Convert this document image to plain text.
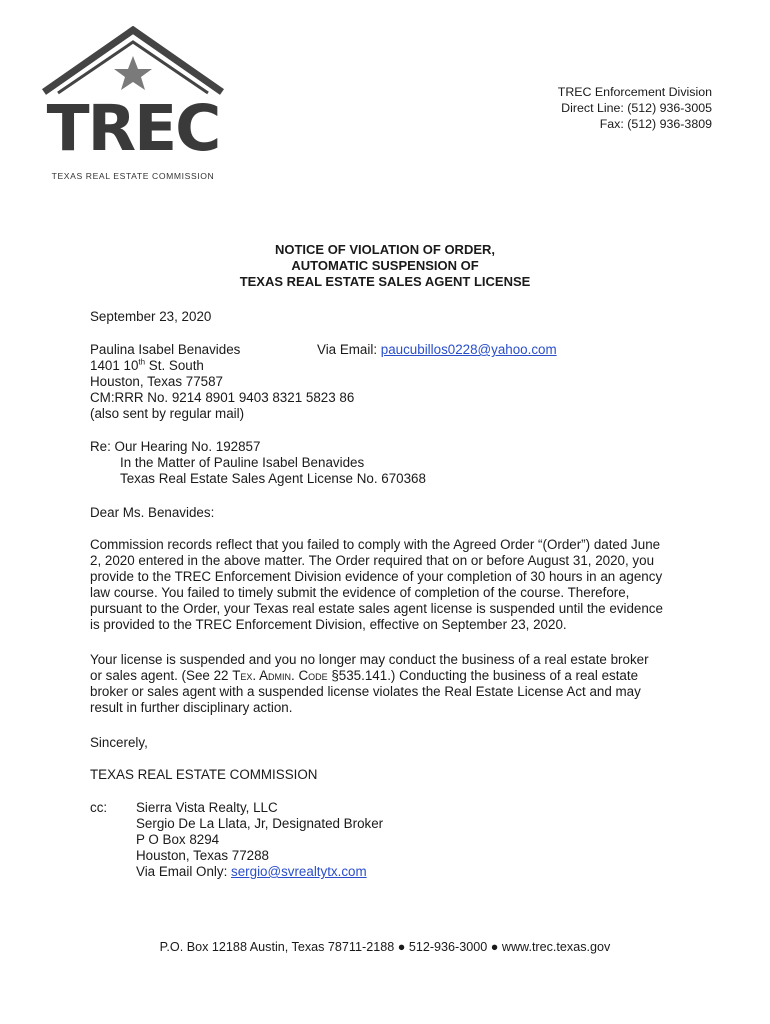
TREC
TEXAS REAL ESTATE COMMISSION
TREC Enforcement Division
Direct Line: (512) 936-3005
Fax: (512) 936-3809
NOTICE OF VIOLATION OF ORDER,
AUTOMATIC SUSPENSION OF
TEXAS REAL ESTATE SALES AGENT LICENSE
September 23, 2020
Paulina Isabel Benavides	Via Email: paucubillos0228@yahoo.com
1401 10th St. South
Houston, Texas 77587
CM:RRR No. 9214 8901 9403 8321 5823 86
(also sent by regular mail)
Re: Our Hearing No. 192857
In the Matter of Pauline Isabel Benavides
Texas Real Estate Sales Agent License No. 670368
Dear Ms. Benavides:
Commission records reflect that you failed to comply with the Agreed Order “(Order”) dated June
2, 2020 entered in the above matter. The Order required that on or before August 31, 2020, you
provide to the TREC Enforcement Division evidence of your completion of 30 hours in an agency
law course. You failed to timely submit the evidence of completion of the course. Therefore,
pursuant to the Order, your Texas real estate sales agent license is suspended until the evidence
is provided to the TREC Enforcement Division, effective on September 23, 2020.
Your license is suspended and you no longer may conduct the business of a real estate broker
or sales agent. (See 22 Tex. Admin. Code §535.141.) Conducting the business of a real estate
broker or sales agent with a suspended license violates the Real Estate License Act and may
result in further disciplinary action.
Sincerely,
TEXAS REAL ESTATE COMMISSION
cc: Sierra Vista Realty, LLC
Sergio De La Llata, Jr, Designated Broker
P O Box 8294
Houston, Texas 77288
Via Email Only: sergio@svrealtytx.com
P.O. Box 12188 Austin, Texas 78711-2188 ● 512-936-3000 ● www.trec.texas.gov
